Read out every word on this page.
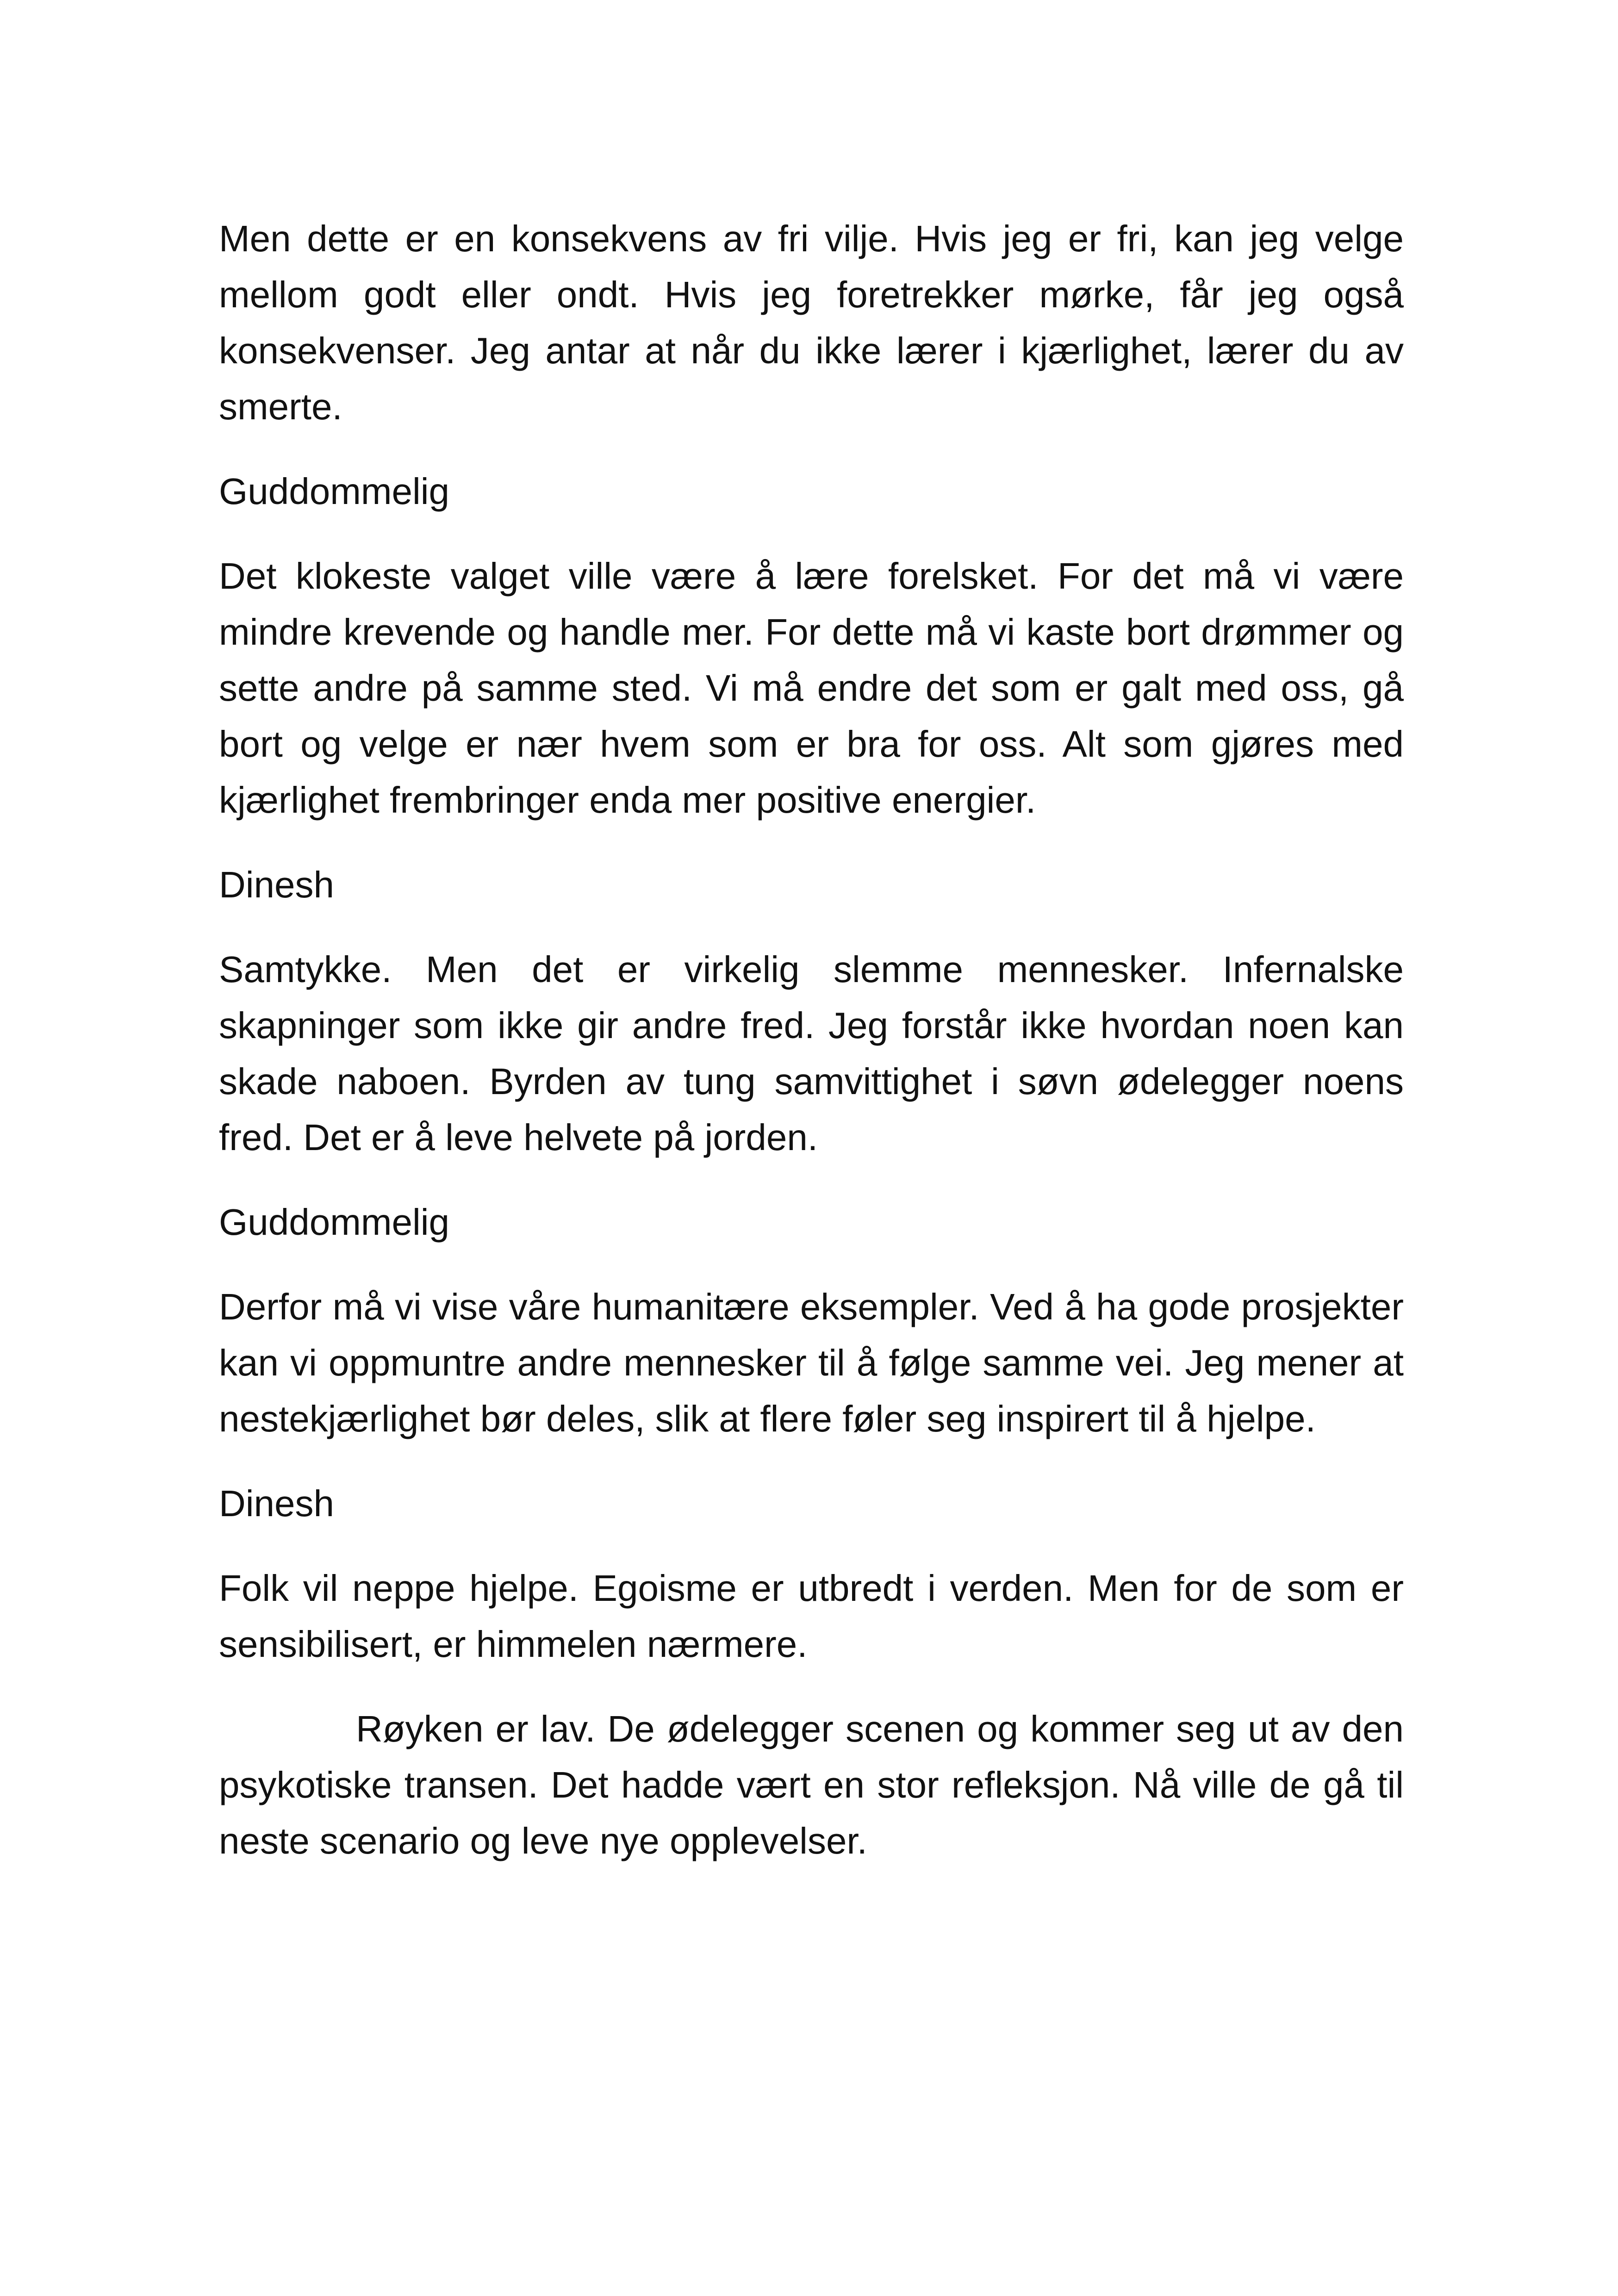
Men dette er en konsekvens av fri vilje. Hvis jeg er fri, kan jeg velge mellom godt eller ondt. Hvis jeg foretrekker mørke, får jeg også konsekvenser. Jeg antar at når du ikke lærer i kjærlighet, lærer du av smerte.

Guddommelig

Det klokeste valget ville være å lære forelsket. For det må vi være mindre krevende og handle mer. For dette må vi kaste bort drømmer og sette andre på samme sted. Vi må endre det som er galt med oss, gå bort og velge er nær hvem som er bra for oss. Alt som gjøres med kjærlighet frembringer enda mer positive energier.

Dinesh

Samtykke. Men det er virkelig slemme mennesker. Infernalske skapninger som ikke gir andre fred. Jeg forstår ikke hvordan noen kan skade naboen. Byrden av tung samvittighet i søvn ødelegger noens fred. Det er å leve helvete på jorden.

Guddommelig

Derfor må vi vise våre humanitære eksempler. Ved å ha gode prosjekter kan vi oppmuntre andre mennesker til å følge samme vei. Jeg mener at nestekjærlighet bør deles, slik at flere føler seg inspirert til å hjelpe.

Dinesh

Folk vil neppe hjelpe. Egoisme er utbredt i verden. Men for de som er sensibilisert, er himmelen nærmere.

Røyken er lav. De ødelegger scenen og kommer seg ut av den psykotiske transen. Det hadde vært en stor refleksjon. Nå ville de gå til neste scenario og leve nye opplevelser.
